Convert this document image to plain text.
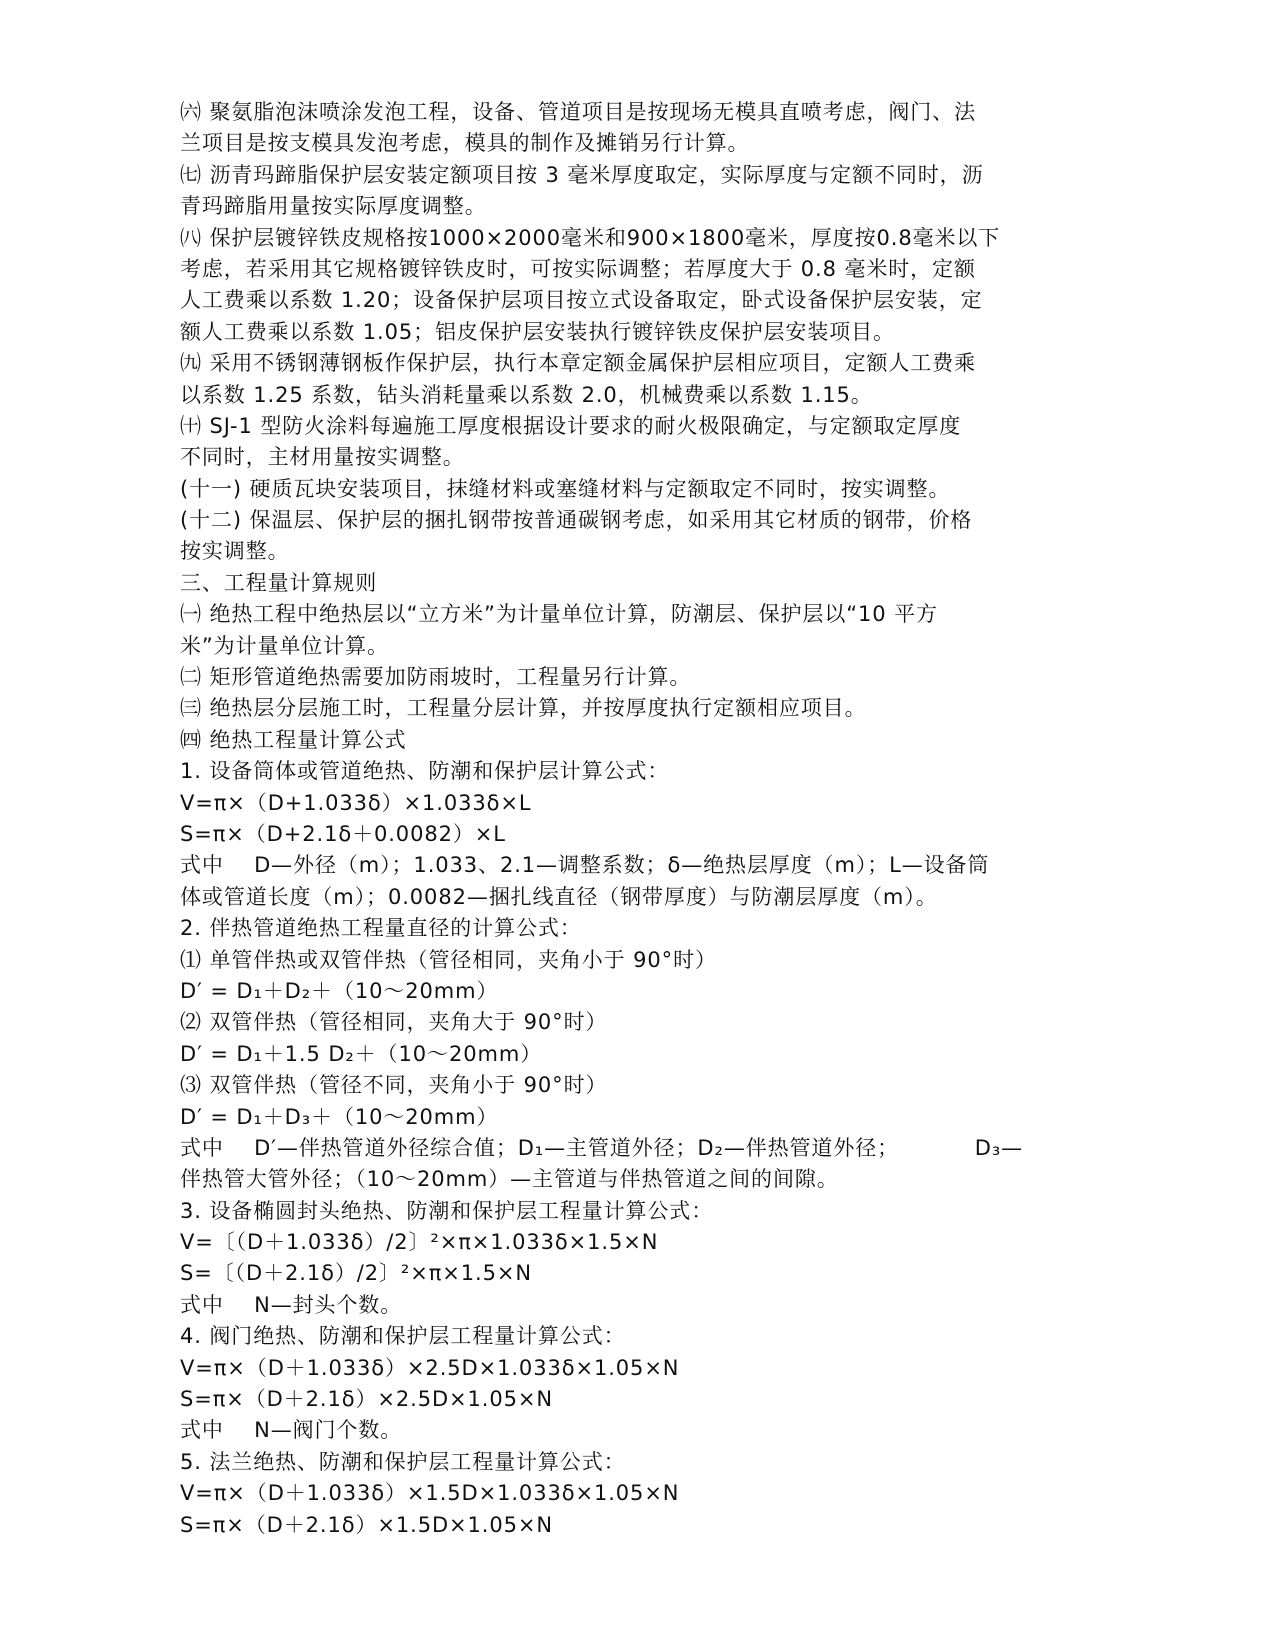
㈥ 聚氨脂泡沫喷涂发泡工程，设备、管道项目是按现场无模具直喷考虑，阀门、法
兰项目是按支模具发泡考虑，模具的制作及摊销另行计算。
㈦ 沥青玛蹄脂保护层安装定额项目按 3 毫米厚度取定，实际厚度与定额不同时，沥
青玛蹄脂用量按实际厚度调整。
㈧ 保护层镀锌铁皮规格按1000×2000毫米和900×1800毫米，厚度按0.8毫米以下
考虑，若采用其它规格镀锌铁皮时，可按实际调整；若厚度大于 0.8 毫米时，定额
人工费乘以系数 1.20；设备保护层项目按立式设备取定，卧式设备保护层安装，定
额人工费乘以系数 1.05；铝皮保护层安装执行镀锌铁皮保护层安装项目。
㈨ 采用不锈钢薄钢板作保护层，执行本章定额金属保护层相应项目，定额人工费乘
以系数 1.25 系数，钻头消耗量乘以系数 2.0，机械费乘以系数 1.15。
㈩ SJ-1 型防火涂料每遍施工厚度根据设计要求的耐火极限确定，与定额取定厚度
不同时，主材用量按实调整。
(十一) 硬质瓦块安装项目，抹缝材料或塞缝材料与定额取定不同时，按实调整。
(十二) 保温层、保护层的捆扎钢带按普通碳钢考虑，如采用其它材质的钢带，价格
按实调整。
三、工程量计算规则
㈠ 绝热工程中绝热层以“立方米”为计量单位计算，防潮层、保护层以“10 平方
米”为计量单位计算。
㈡ 矩形管道绝热需要加防雨坡时，工程量另行计算。
㈢ 绝热层分层施工时，工程量分层计算，并按厚度执行定额相应项目。
㈣ 绝热工程量计算公式
1. 设备筒体或管道绝热、防潮和保护层计算公式：
V=π×（D+1.033δ）×1.033δ×L
S=π×（D+2.1δ＋0.0082）×L
式中    D—外径（m）；1.033、2.1—调整系数；δ—绝热层厚度（m）；L—设备筒
体或管道长度（m）；0.0082—捆扎线直径（钢带厚度）与防潮层厚度（m）。
2. 伴热管道绝热工程量直径的计算公式：
⑴ 单管伴热或双管伴热（管径相同，夹角小于 90°时）
D′ = D₁＋D₂＋（10～20mm）
⑵ 双管伴热（管径相同，夹角大于 90°时）
D′ = D₁＋1.5 D₂＋（10～20mm）
⑶ 双管伴热（管径不同，夹角小于 90°时）
D′ = D₁＋D₃＋（10～20mm）
式中    D′—伴热管道外径综合值；D₁—主管道外径；D₂—伴热管道外径；          D₃—
伴热管大管外径；（10～20mm）—主管道与伴热管道之间的间隙。
3. 设备椭圆封头绝热、防潮和保护层工程量计算公式：
V=〔（D＋1.033δ）/2〕²×π×1.033δ×1.5×N
S=〔（D＋2.1δ）/2〕²×π×1.5×N
式中    N—封头个数。
4. 阀门绝热、防潮和保护层工程量计算公式：
V=π×（D＋1.033δ）×2.5D×1.033δ×1.05×N
S=π×（D＋2.1δ）×2.5D×1.05×N
式中    N—阀门个数。
5. 法兰绝热、防潮和保护层工程量计算公式：
V=π×（D＋1.033δ）×1.5D×1.033δ×1.05×N
S=π×（D＋2.1δ）×1.5D×1.05×N
